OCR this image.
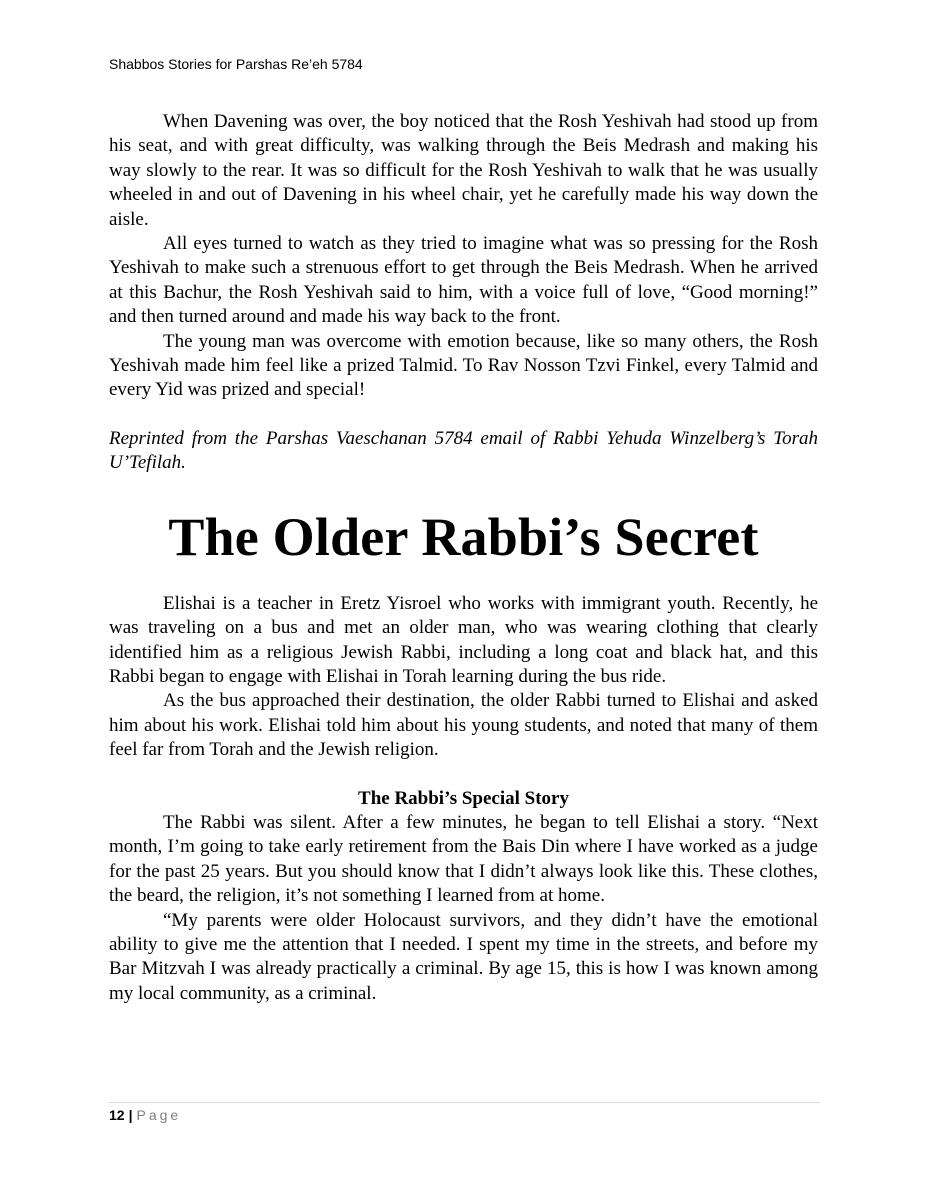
Shabbos Stories for Parshas Re’eh 5784

When Davening was over, the boy noticed that the Rosh Yeshivah had stood up from his seat, and with great difficulty, was walking through the Beis Medrash and making his way slowly to the rear. It was so difficult for the Rosh Yeshivah to walk that he was usually wheeled in and out of Davening in his wheel chair, yet he carefully made his way down the aisle.

All eyes turned to watch as they tried to imagine what was so pressing for the Rosh Yeshivah to make such a strenuous effort to get through the Beis Medrash. When he arrived at this Bachur, the Rosh Yeshivah said to him, with a voice full of love, “Good morning!” and then turned around and made his way back to the front.

The young man was overcome with emotion because, like so many others, the Rosh Yeshivah made him feel like a prized Talmid. To Rav Nosson Tzvi Finkel, every Talmid and every Yid was prized and special!

Reprinted from the Parshas Vaeschanan 5784 email of Rabbi Yehuda Winzelberg’s Torah U’Tefilah.

The Older Rabbi’s Secret

Elishai is a teacher in Eretz Yisroel who works with immigrant youth. Recently, he was traveling on a bus and met an older man, who was wearing clothing that clearly identified him as a religious Jewish Rabbi, including a long coat and black hat, and this Rabbi began to engage with Elishai in Torah learning during the bus ride.

As the bus approached their destination, the older Rabbi turned to Elishai and asked him about his work. Elishai told him about his young students, and noted that many of them feel far from Torah and the Jewish religion.

The Rabbi’s Special Story

The Rabbi was silent. After a few minutes, he began to tell Elishai a story. “Next month, I’m going to take early retirement from the Bais Din where I have worked as a judge for the past 25 years. But you should know that I didn’t always look like this. These clothes, the beard, the religion, it’s not something I learned from at home.

“My parents were older Holocaust survivors, and they didn’t have the emotional ability to give me the attention that I needed. I spent my time in the streets, and before my Bar Mitzvah I was already practically a criminal. By age 15, this is how I was known among my local community, as a criminal.

12 | Page
